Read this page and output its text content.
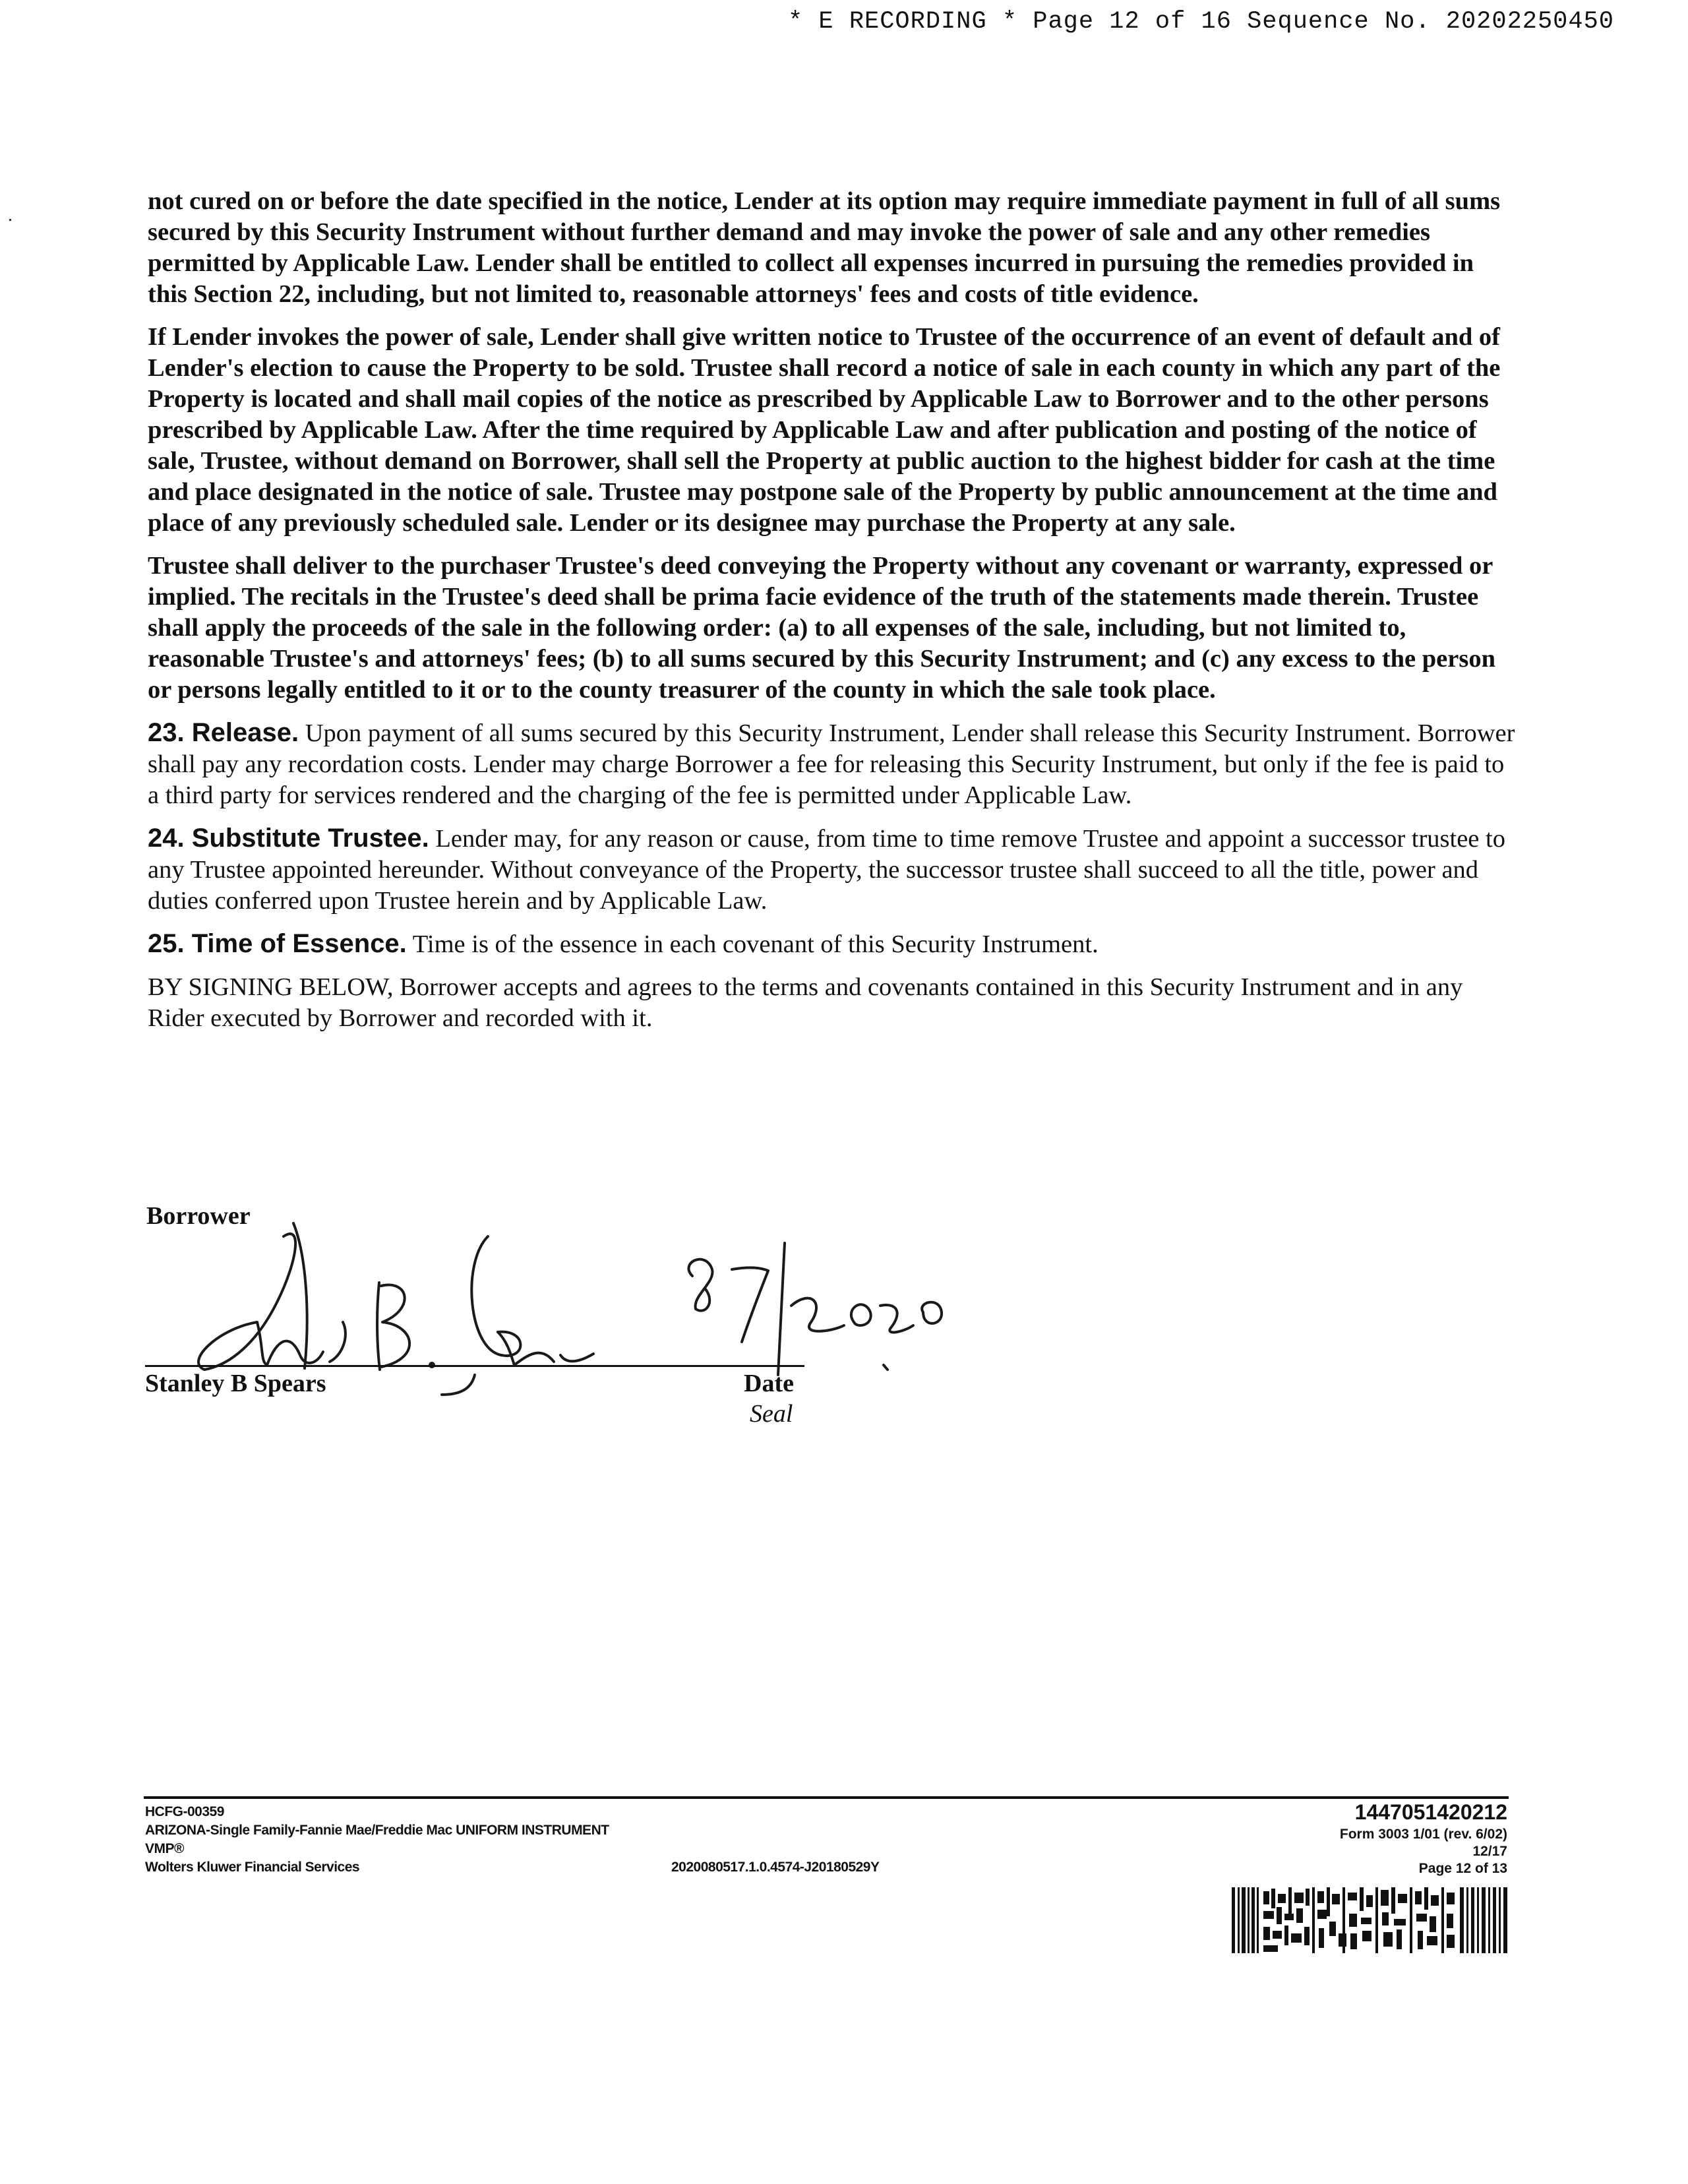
* E RECORDING * Page 12 of 16 Sequence No. 20202250450

not cured on or before the date specified in the notice, Lender at its option may require immediate payment in full of all sums secured by this Security Instrument without further demand and may invoke the power of sale and any other remedies permitted by Applicable Law. Lender shall be entitled to collect all expenses incurred in pursuing the remedies provided in this Section 22, including, but not limited to, reasonable attorneys' fees and costs of title evidence.

If Lender invokes the power of sale, Lender shall give written notice to Trustee of the occurrence of an event of default and of Lender's election to cause the Property to be sold. Trustee shall record a notice of sale in each county in which any part of the Property is located and shall mail copies of the notice as prescribed by Applicable Law to Borrower and to the other persons prescribed by Applicable Law. After the time required by Applicable Law and after publication and posting of the notice of sale, Trustee, without demand on Borrower, shall sell the Property at public auction to the highest bidder for cash at the time and place designated in the notice of sale. Trustee may postpone sale of the Property by public announcement at the time and place of any previously scheduled sale. Lender or its designee may purchase the Property at any sale.

Trustee shall deliver to the purchaser Trustee's deed conveying the Property without any covenant or warranty, expressed or implied. The recitals in the Trustee's deed shall be prima facie evidence of the truth of the statements made therein. Trustee shall apply the proceeds of the sale in the following order: (a) to all expenses of the sale, including, but not limited to, reasonable Trustee's and attorneys' fees; (b) to all sums secured by this Security Instrument; and (c) any excess to the person or persons legally entitled to it or to the county treasurer of the county in which the sale took place.

23. Release. Upon payment of all sums secured by this Security Instrument, Lender shall release this Security Instrument. Borrower shall pay any recordation costs. Lender may charge Borrower a fee for releasing this Security Instrument, but only if the fee is paid to a third party for services rendered and the charging of the fee is permitted under Applicable Law.

24. Substitute Trustee. Lender may, for any reason or cause, from time to time remove Trustee and appoint a successor trustee to any Trustee appointed hereunder. Without conveyance of the Property, the successor trustee shall succeed to all the title, power and duties conferred upon Trustee herein and by Applicable Law.

25. Time of Essence. Time is of the essence in each covenant of this Security Instrument.

BY SIGNING BELOW, Borrower accepts and agrees to the terms and covenants contained in this Security Instrument and in any Rider executed by Borrower and recorded with it.

Borrower
Stanley B Spears	Date
Seal
HCFG-00359
ARIZONA-Single Family-Fannie Mae/Freddie Mac UNIFORM INSTRUMENT
VMP®
Wolters Kluwer Financial Services	2020080517.1.0.4574-J20180529Y
1447051420212
Form 3003 1/01 (rev. 6/02)
12/17
Page 12 of 13
